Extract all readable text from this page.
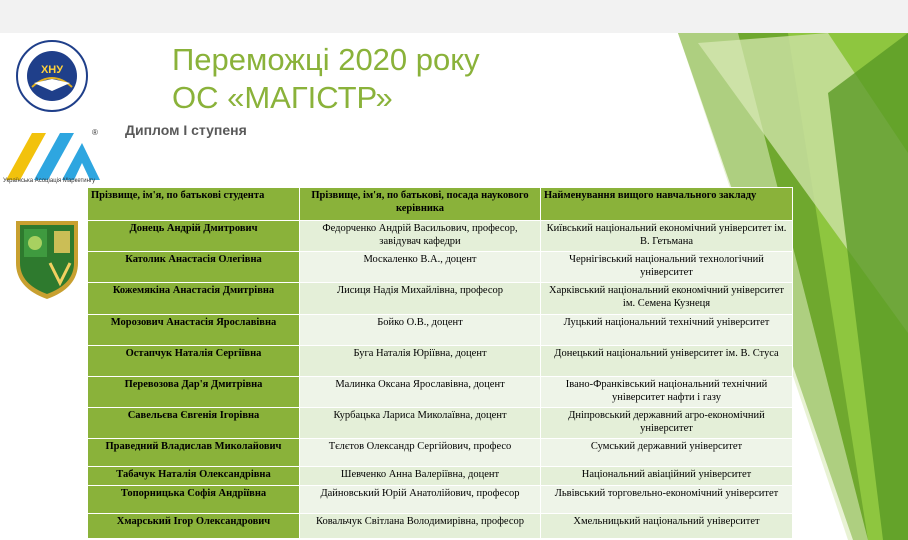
Переможці 2020 року
ОС «МАГІСТР»
Диплом І ступеня
ХНУ
®
Українська Асоціація Маркетингу
Прізвище, ім'я, по батькові студента	Прізвище, ім'я, по батькові, посада наукового керівника	Найменування вищого навчального закладу
Донець Андрій Дмитрович	Федорченко Андрій Васильович, професор, завідувач кафедри	Київський національний економічний університет ім. В. Гетьмана
Католик Анастасія Олегівна	Москаленко В.А., доцент	Чернігівський національний технологічний університет
Кожемякіна Анастасія Дмитрівна	Лисиця Надія Михайлівна, професор	Харківський національний економічний університет ім. Семена Кузнеця
Морозович Анастасія Ярославівна	Бойко О.В., доцент	Луцький національний технічний університет
Остапчук Наталія Сергіївна	Буга Наталія Юріївна, доцент	Донецький національний університет ім. В. Стуса
Перевозова Дар'я Дмитрівна	Малинка Оксана Ярославівна, доцент	Івано-Франківський національний технічний університет нафти і газу
Савельєва Євгенія Ігорівна	Курбацька Лариса Миколаївна, доцент	Дніпровський державний агро-економічний університет
Праведний Владислав Миколайович	Тєлєтов Олександр Сергійович, професо	Сумський державний університет
Табачук Наталія Олександрівна	Шевченко Анна Валеріївна, доцент	Національний авіаційний університет
Топорницька Софія Андріївна	Дайновський Юрій Анатолійович, професор	Львівський торговельно-економічний університет
Хмарський Ігор Олександрович	Ковальчук Світлана Володимирівна, професор	Хмельницький національний університет
